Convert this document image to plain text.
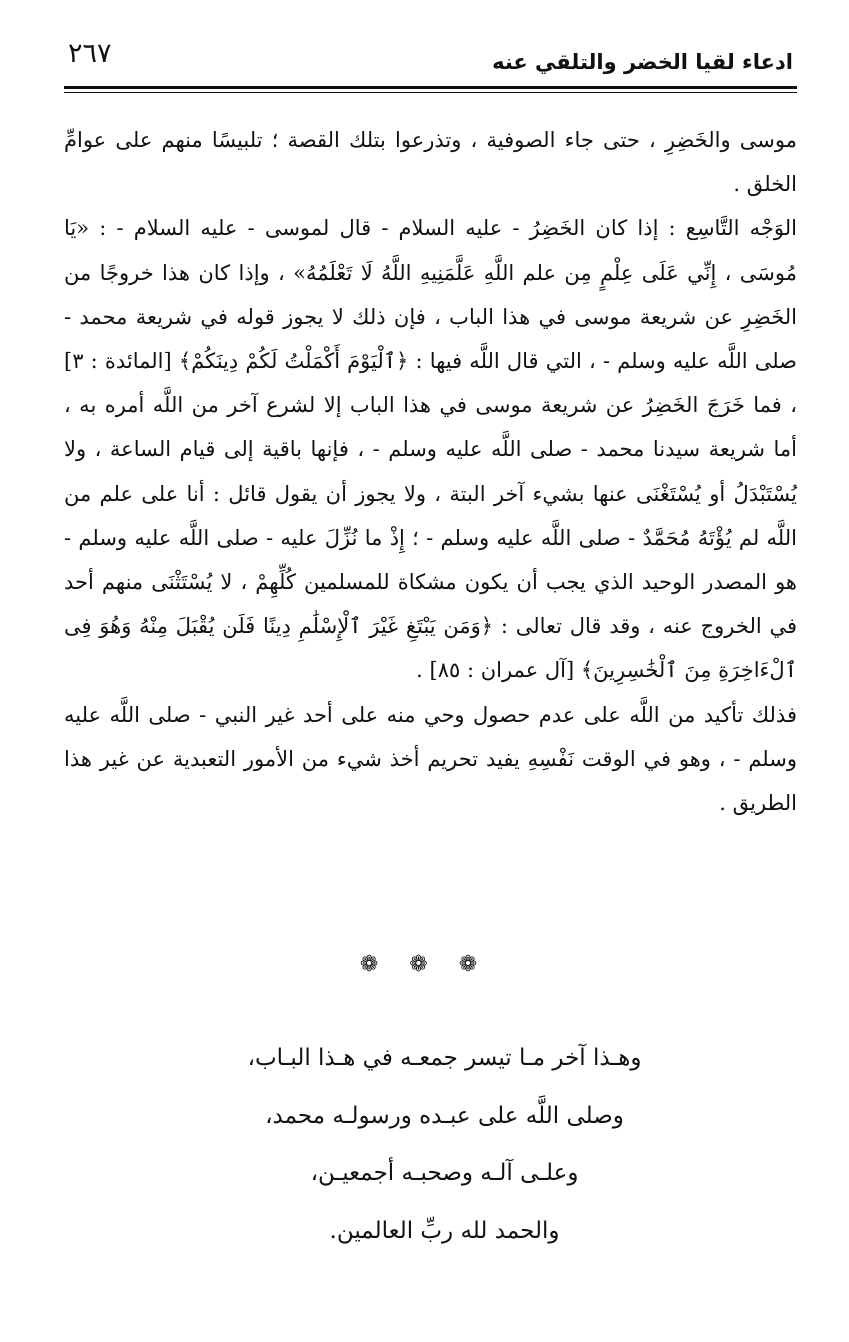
٢٦٧	ادعاء لقيا الخضر والتلقي عنه

موسى والخَضِرِ ، حتى جاء الصوفية ، وتذرعوا بتلك القصة ؛ تلبيسًا منهم على عوامِّ الخلق .

الوَجْه التَّاسِع : إذا كان الخَضِرُ - عليه السلام - قال لموسى - عليه السلام - : «يَا مُوسَى ، إِنِّي عَلَى عِلْمٍ مِن علم اللَّهِ عَلَّمَنِيهِ اللَّهُ لَا تَعْلَمُهُ» ، وإذا كان هذا خروجًا من الخَضِرِ عن شريعة موسى في هذا الباب ، فإن ذلك لا يجوز قوله في شريعة محمد - صلى اللَّه عليه وسلم - ، التي قال اللَّه فيها : ﴿ٱلْيَوْمَ أَكْمَلْتُ لَكُمْ دِينَكُمْ﴾ [المائدة : ٣] ، فما خَرَجَ الخَضِرُ عن شريعة موسى في هذا الباب إلا لشرع آخر من اللَّه أمره به ، أما شريعة سيدنا محمد - صلى اللَّه عليه وسلم - ، فإنها باقية إلى قيام الساعة ، ولا يُسْتَبْدَلُ أو يُسْتَغْنَى عنها بشيء آخر البتة ، ولا يجوز أن يقول قائل : أنا على علم من اللَّه لم يُؤْتَهُ مُحَمَّدٌ - صلى اللَّه عليه وسلم - ؛ إِذْ ما نُزِّلَ عليه - صلى اللَّه عليه وسلم - هو المصدر الوحيد الذي يجب أن يكون مشكاة للمسلمين كُلِّهِمْ ، لا يُسْتَثْنَى منهم أحد في الخروج عنه ، وقد قال تعالى : ﴿وَمَن يَبْتَغِ غَيْرَ ٱلْإِسْلَٰمِ دِينًا فَلَن يُقْبَلَ مِنْهُ وَهُوَ فِى ٱلْءَاخِرَةِ مِنَ ٱلْخَٰسِرِينَ﴾ [آل عمران : ٨٥] .

فذلك تأكيد من اللَّه على عدم حصول وحي منه على أحد غير النبي - صلى اللَّه عليه وسلم - ، وهو في الوقت نَفْسِهِ يفيد تحريم أخذ شيء من الأمور التعبدية عن غير هذا الطريق .

❁ ❁ ❁
وهـذا آخر مـا تيسر جمعـه في هـذا البـاب،
وصلى اللَّه على عبـده ورسولـه محمد،
وعلـى آلـه وصحبـه أجمعيـن،
والحمد لله ربِّ العالمين.
